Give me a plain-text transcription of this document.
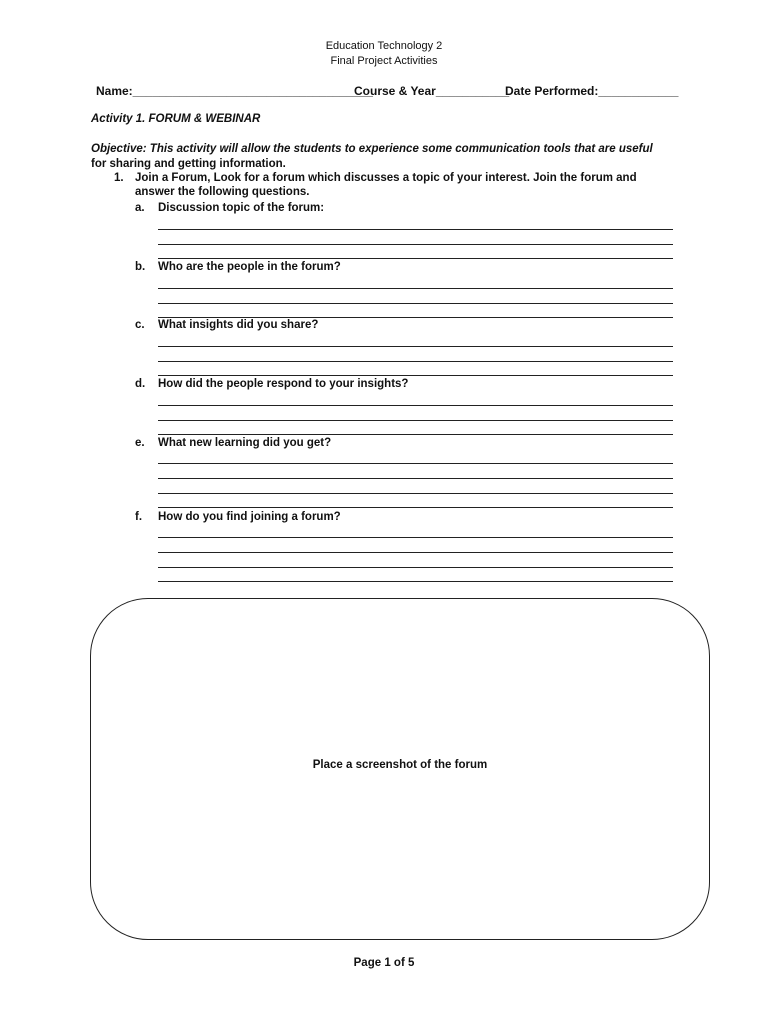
Education Technology 2
Final Project Activities
Name:____________________________________
Course & Year___________
Date Performed:____________
Activity 1. FORUM & WEBINAR
Objective: This activity will allow the students to experience some communication tools that are useful
for sharing and getting information.
1. Join a Forum, Look for a forum which discusses a topic of your interest. Join the forum and
answer the following questions.
a. Discussion topic of the forum:
b. Who are the people in the forum?
c. What insights did you share?
d. How did the people respond to your insights?
e. What new learning did you get?
f. How do you find joining a forum?
Place a screenshot of the forum
Page 1 of 5
